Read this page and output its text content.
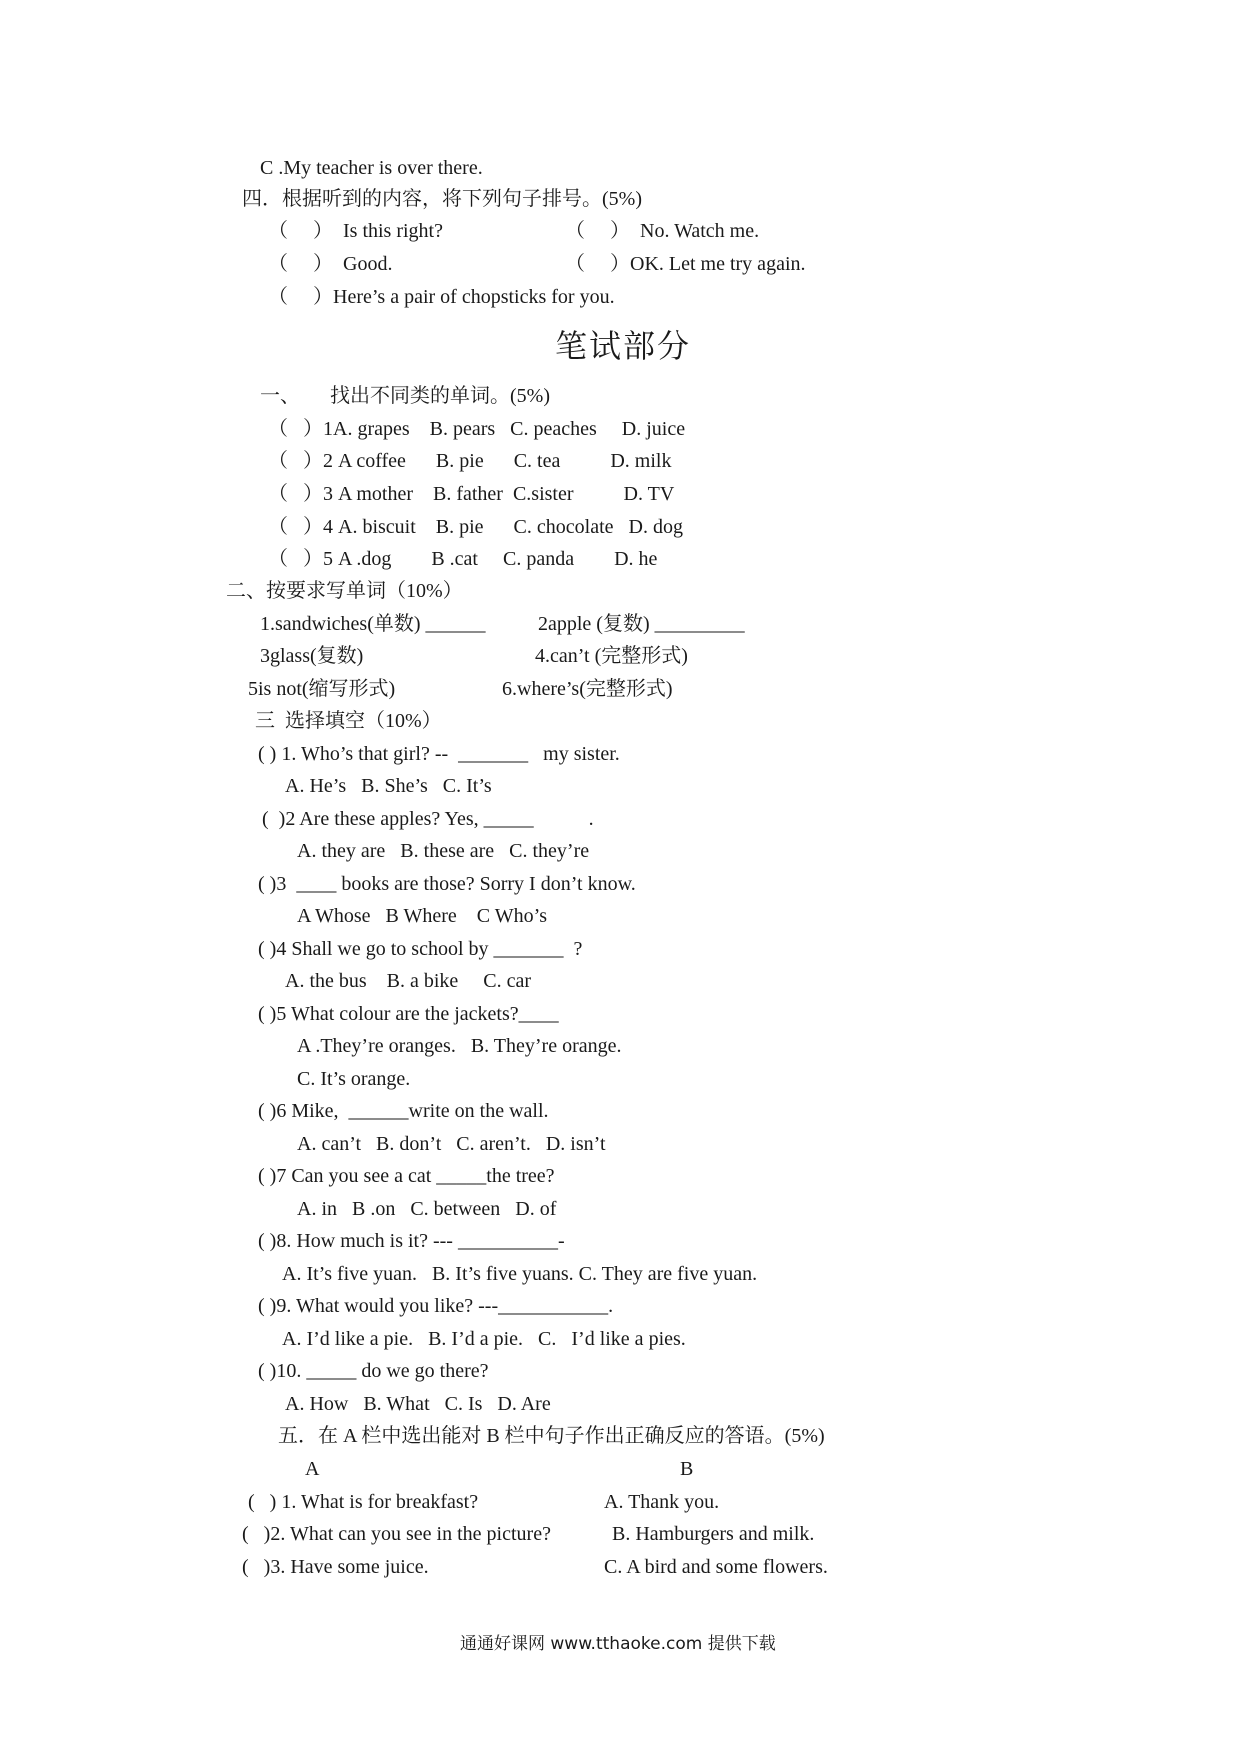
C .My teacher is over there.
四．根据听到的内容，将下列句子排号。(5%)
（     ）  Is this right?	（     ）  No. Watch me.
（     ）  Good.	（     ）OK. Let me try again.
（     ）Here’s a pair of chopsticks for you.
笔试部分
一、      找出不同类的单词。(5%)
（   ）1A. grapes    B. pears   C. peaches     D. juice
（   ）2 A coffee      B. pie      C. tea          D. milk
（   ）3 A mother    B. father  C.sister          D. TV
（   ）4 A. biscuit    B. pie      C. chocolate   D. dog
（   ）5 A .dog        B .cat     C. panda        D. he
二、按要求写单词（10%）
1.sandwiches(单数) ______	2apple (复数) _________
3glass(复数)	4.can’t (完整形式)
5is not(缩写形式)	6.where’s(完整形式)
三  选择填空（10%）
( ) 1. Who’s that girl? --  _______   my sister.
A. He’s   B. She’s   C. It’s
(  )2 Are these apples? Yes, _____           .
A. they are   B. these are   C. they’re
( )3  ____ books are those? Sorry I don’t know.
A Whose   B Where    C Who’s
( )4 Shall we go to school by _______  ?
A. the bus    B. a bike     C. car
( )5 What colour are the jackets?____
A .They’re oranges.   B. They’re orange.
C. It’s orange.
( )6 Mike,  ______write on the wall.
A. can’t   B. don’t   C. aren’t.   D. isn’t
( )7 Can you see a cat _____the tree?
A. in   B .on   C. between   D. of
( )8. How much is it? --- __________-
A. It’s five yuan.   B. It’s five yuans. C. They are five yuan.
( )9. What would you like? ---___________.
A. I’d like a pie.   B. I’d a pie.   C.   I’d like a pies.
( )10. _____ do we go there?
A. How   B. What   C. Is   D. Are
五．在 A 栏中选出能对 B 栏中句子作出正确反应的答语。(5%)
A	B
(   ) 1. What is for breakfast?	A. Thank you.
(   )2. What can you see in the picture?	B. Hamburgers and milk.
(   )3. Have some juice.	C. A bird and some flowers.
通通好课网 www.tthaoke.com 提供下载
